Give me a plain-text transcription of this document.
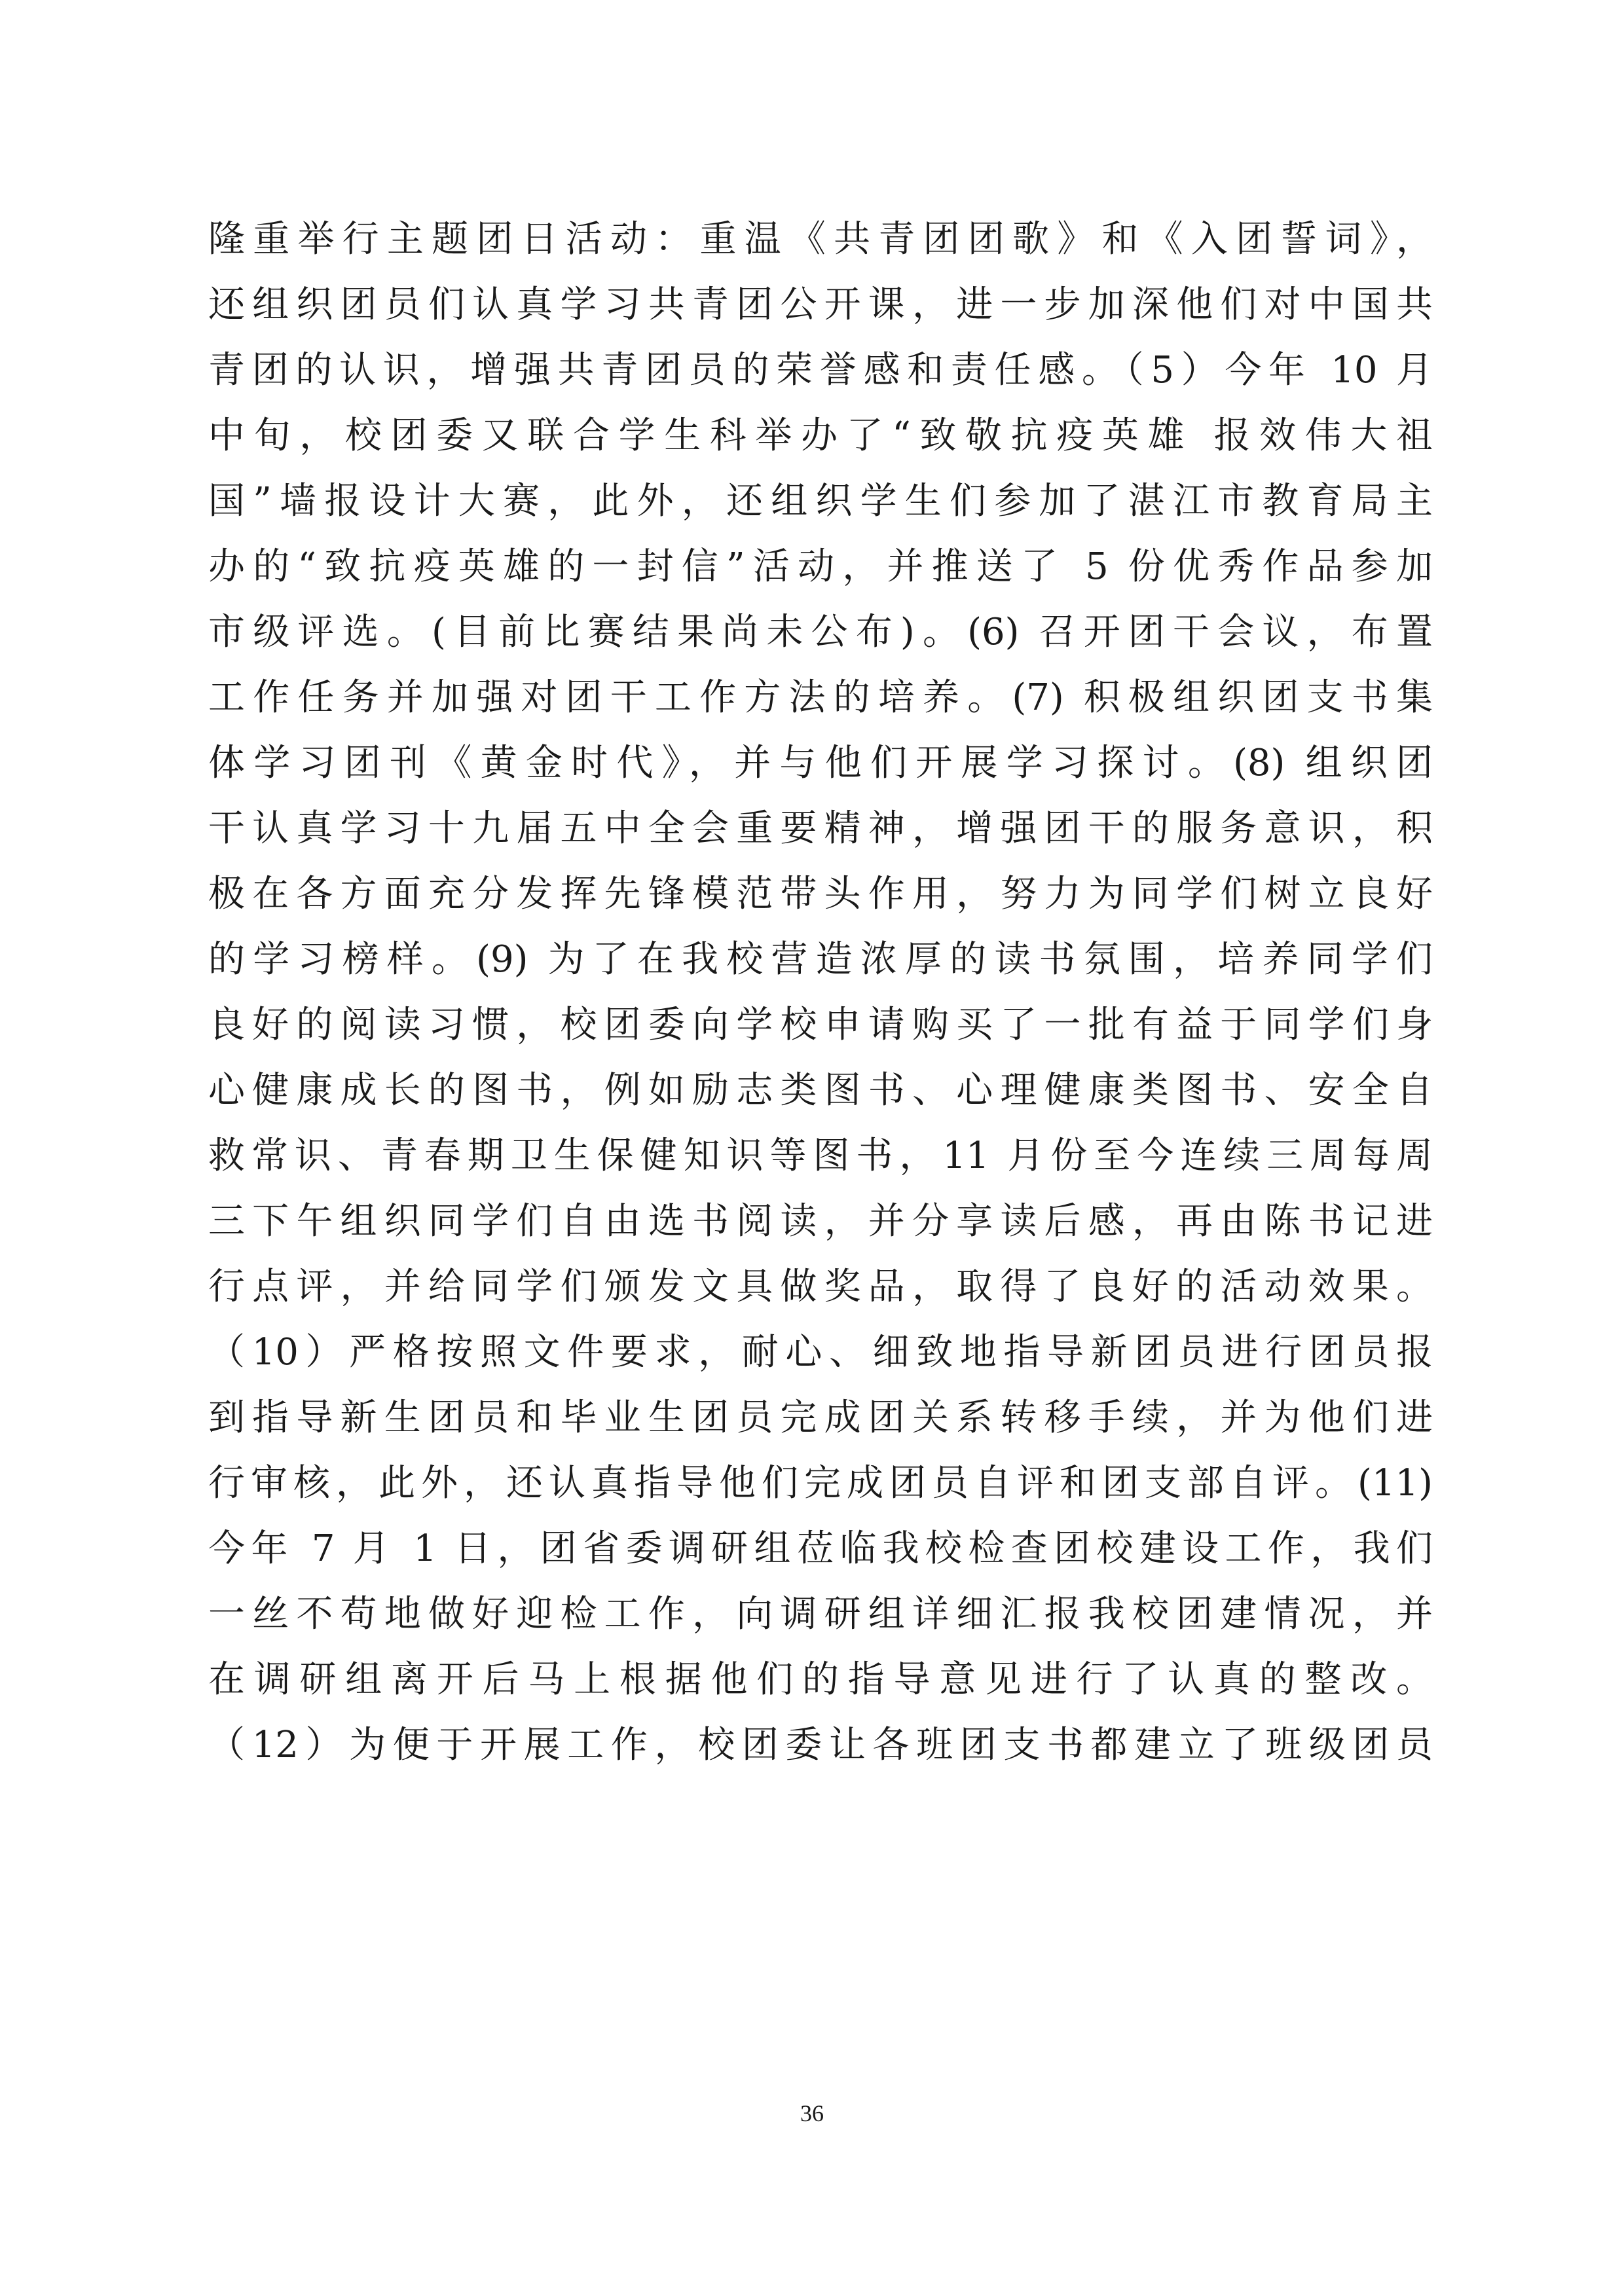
隆重举行主题团日活动：重温《共青团团歌》和《入团誓词》，
还组织团员们认真学习共青团公开课，进一步加深他们对中国共
青团的认识，增强共青团员的荣誉感和责任感。（5）今年 10 月
中旬，校团委又联合学生科举办了“致敬抗疫英雄 报效伟大祖
国”墙报设计大赛，此外，还组织学生们参加了湛江市教育局主
办的“致抗疫英雄的一封信”活动，并推送了 5 份优秀作品参加
市级评选。(目前比赛结果尚未公布)。(6) 召开团干会议，布置
工作任务并加强对团干工作方法的培养。(7) 积极组织团支书集
体学习团刊《黄金时代》，并与他们开展学习探讨。(8) 组织团
干认真学习十九届五中全会重要精神，增强团干的服务意识，积
极在各方面充分发挥先锋模范带头作用，努力为同学们树立良好
的学习榜样。(9) 为了在我校营造浓厚的读书氛围，培养同学们
良好的阅读习惯，校团委向学校申请购买了一批有益于同学们身
心健康成长的图书，例如励志类图书、心理健康类图书、安全自
救常识、青春期卫生保健知识等图书，11 月份至今连续三周每周
三下午组织同学们自由选书阅读，并分享读后感，再由陈书记进
行点评，并给同学们颁发文具做奖品，取得了良好的活动效果。
（10）严格按照文件要求，耐心、细致地指导新团员进行团员报
到指导新生团员和毕业生团员完成团关系转移手续，并为他们进
行审核，此外，还认真指导他们完成团员自评和团支部自评。(11)
今年 7 月 1 日，团省委调研组莅临我校检查团校建设工作，我们
一丝不苟地做好迎检工作，向调研组详细汇报我校团建情况，并
在调研组离开后马上根据他们的指导意见进行了认真的整改。
（12）为便于开展工作，校团委让各班团支书都建立了班级团员
36
